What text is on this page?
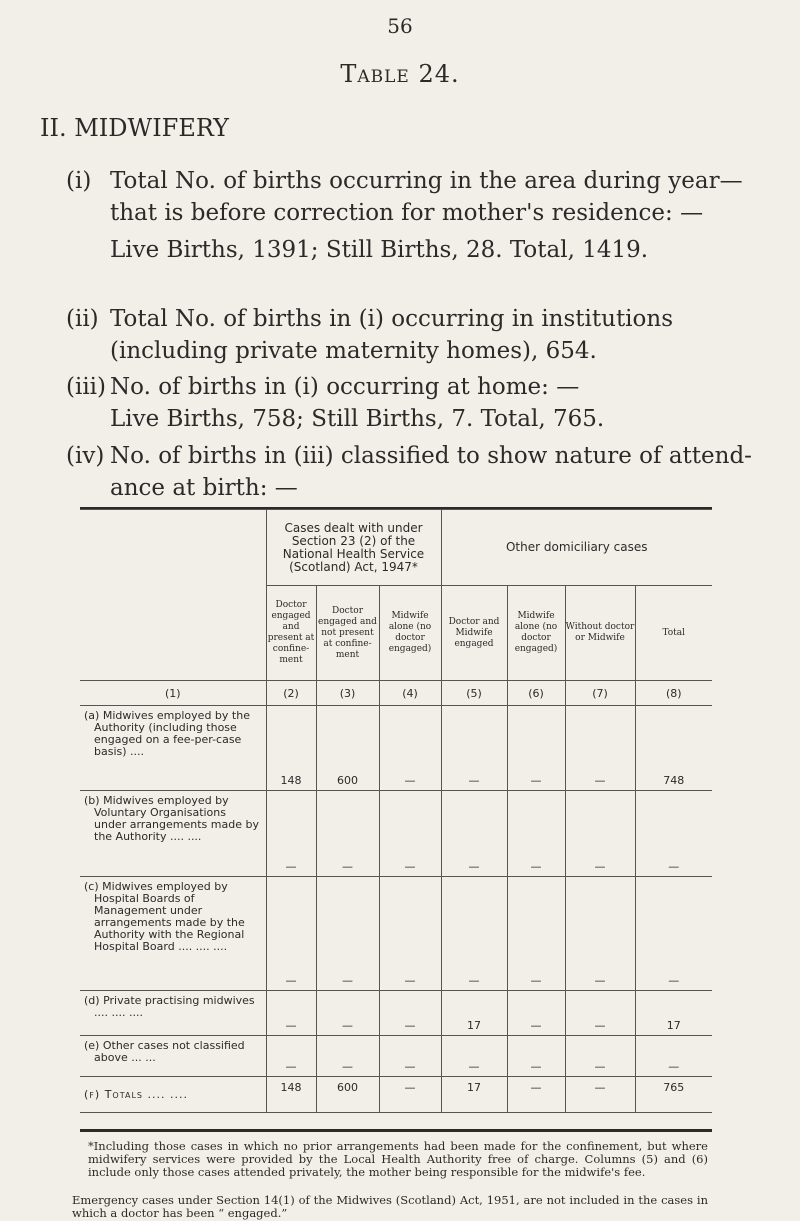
56
Table 24.
II. MIDWIFERY
(i) Total No. of births occurring in the area during year—
that is before correction for mother's residence: —
Live Births, 1391; Still Births, 28. Total, 1419.
(ii) Total No. of births in (i) occurring in institutions
(including private maternity homes), 654.
(iii) No. of births in (i) occurring at home: —
Live Births, 758; Still Births, 7. Total, 765.
(iv) No. of births in (iii) classified to show nature of attend-
ance at birth: —
	Cases dealt with under Section 23 (2) of the National Health Service (Scotland) Act, 1947*			Other domiciliary cases			
	Doctor engaged and present at confine-ment	Doctor engaged and not present at confine-ment	Midwife alone (no doctor engaged)	Doctor and Midwife engaged	Midwife alone (no doctor engaged)	Without doctor or Midwife	Total
(1)	(2)	(3)	(4)	(5)	(6)	(7)	(8)

(a) Midwives employed by the Authority (including those engaged on a fee-per-case basis) ....	148	600	—	—	—	—	748

(b) Midwives employed by Voluntary Organisations under arrangements made by the Authority .... ....	—	—	—	—	—	—	—

(c) Midwives employed by Hospital Boards of Management under arrangements made by the Authority with the Regional Hospital Board .... .... ....	—	—	—	—	—	—	—

(d) Private practising midwives .... .... ....	—	—	—	17	—	—	17

(e) Other cases not classified above ... ...	—	—	—	—	—	—	—

(f) Totals .... ....	148	600	—	17	—	—	765
*Including those cases in which no prior arrangements had been made for the confinement, but where midwifery services were provided by the Local Health Authority free of charge. Columns (5) and (6) include only those cases attended privately, the mother being responsible for the midwife's fee.
Emergency cases under Section 14(1) of the Midwives (Scotland) Act, 1951, are not included in the cases in which a doctor has been “ engaged.”
